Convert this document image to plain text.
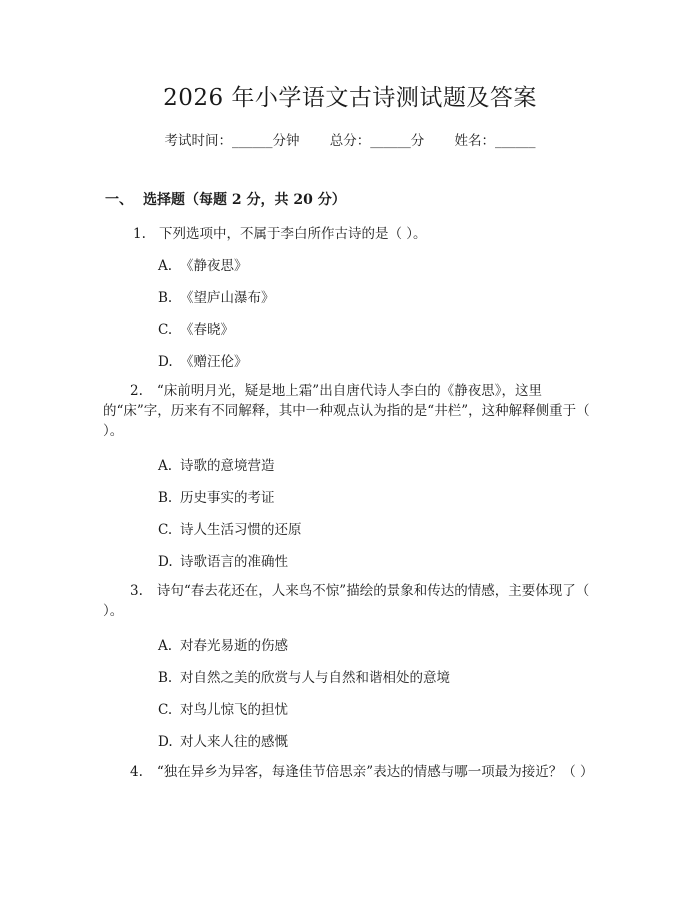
2026 年小学语文古诗测试题及答案
考试时间：______分钟 总分：______分 姓名：______
一、 选择题（每题 2 分，共 20 分）
1. 下列选项中，不属于李白所作古诗的是（ ）。
A. 《静夜思》
B. 《望庐山瀑布》
C. 《春晓》
D. 《赠汪伦》
2. “床前明月光，疑是地上霜”出自唐代诗人李白的《静夜思》，这里的“床”字，历来有不同解释，其中一种观点认为指的是“井栏”，这种解释侧重于（ ）。
A. 诗歌的意境营造
B. 历史事实的考证
C. 诗人生活习惯的还原
D. 诗歌语言的准确性
3. 诗句“春去花还在，人来鸟不惊”描绘的景象和传达的情感，主要体现了（ ）。
A. 对春光易逝的伤感
B. 对自然之美的欣赏与人与自然和谐相处的意境
C. 对鸟儿惊飞的担忧
D. 对人来人往的感慨
4. “独在异乡为异客，每逢佳节倍思亲”表达的情感与哪一项最为接近？（ ）
